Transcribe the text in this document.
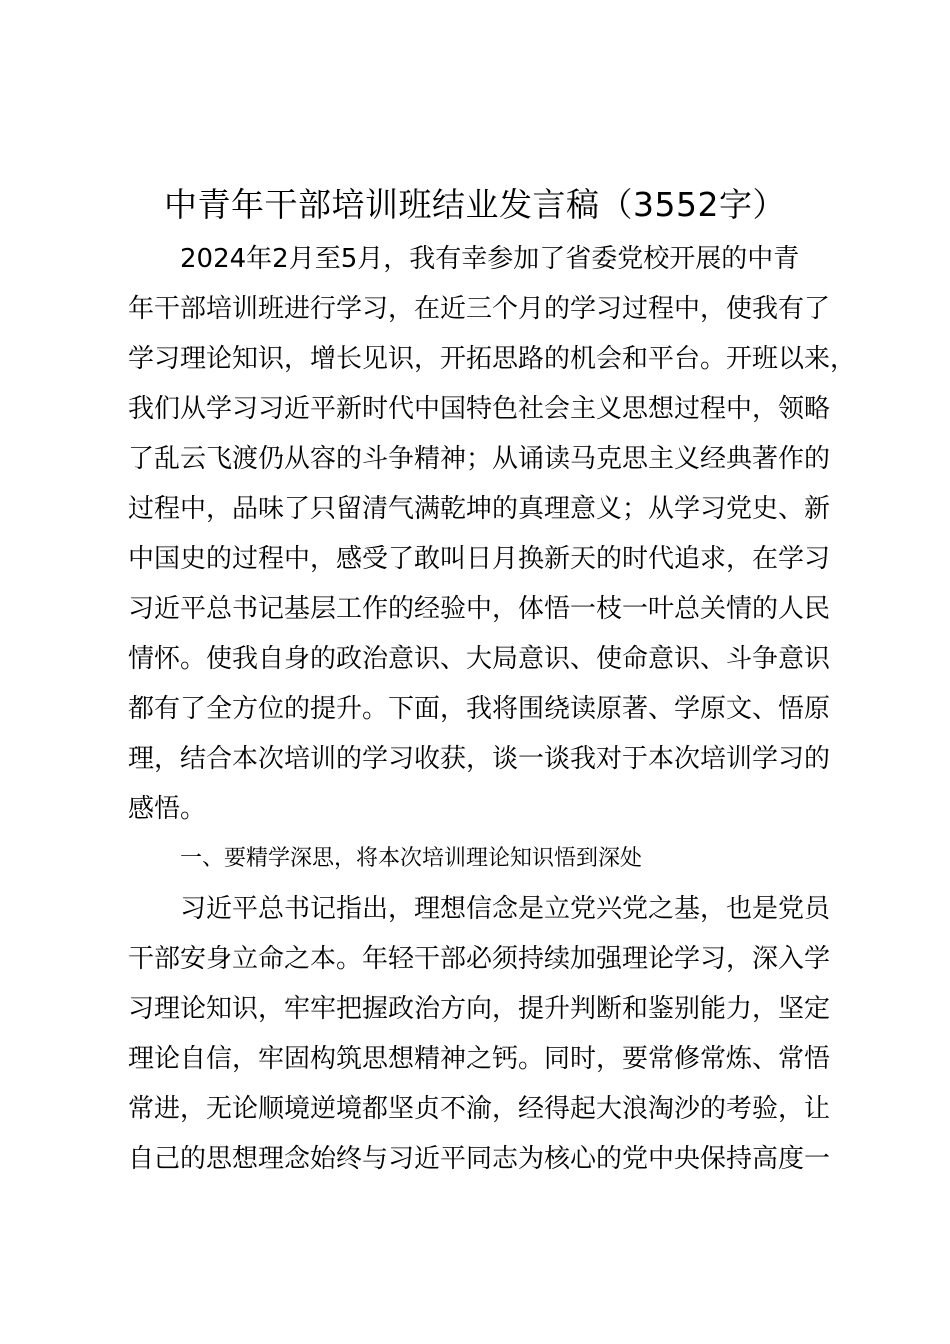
中青年干部培训班结业发言稿（3552字）
2024年2月至5月，我有幸参加了省委党校开展的中青
年干部培训班进行学习，在近三个月的学习过程中，使我有了
学习理论知识，增长见识，开拓思路的机会和平台。开班以来，
我们从学习习近平新时代中国特色社会主义思想过程中，领略
了乱云飞渡仍从容的斗争精神；从诵读马克思主义经典著作的
过程中，品味了只留清气满乾坤的真理意义；从学习党史、新
中国史的过程中，感受了敢叫日月换新天的时代追求，在学习
习近平总书记基层工作的经验中，体悟一枝一叶总关情的人民
情怀。使我自身的政治意识、大局意识、使命意识、斗争意识
都有了全方位的提升。下面，我将围绕读原著、学原文、悟原
理，结合本次培训的学习收获，谈一谈我对于本次培训学习的
感悟。
一、要精学深思，将本次培训理论知识悟到深处
习近平总书记指出，理想信念是立党兴党之基，也是党员
干部安身立命之本。年轻干部必须持续加强理论学习，深入学
习理论知识，牢牢把握政治方向，提升判断和鉴别能力，坚定
理论自信，牢固构筑思想精神之钙。同时，要常修常炼、常悟
常进，无论顺境逆境都坚贞不渝，经得起大浪淘沙的考验，让
自己的思想理念始终与习近平同志为核心的党中央保持高度一
